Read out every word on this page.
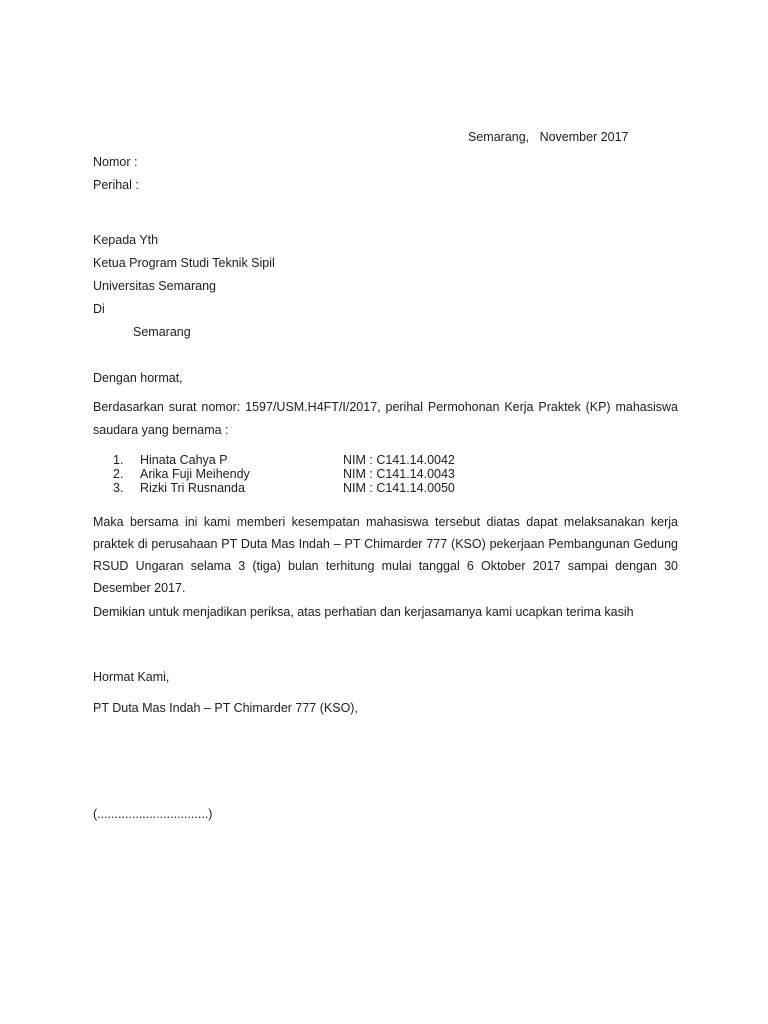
Semarang,   November 2017
Nomor :
Perihal :
Kepada Yth
Ketua Program Studi Teknik Sipil
Universitas Semarang
Di
Semarang
Dengan hormat,
Berdasarkan surat nomor: 1597/USM.H4FT/I/2017, perihal Permohonan Kerja Praktek (KP) mahasiswa saudara yang bernama :
1. Hinata Cahya P	NIM : C141.14.0042
2. Arika Fuji Meihendy	NIM : C141.14.0043
3. Rizki Tri Rusnanda	NIM : C141.14.0050
Maka bersama ini kami memberi kesempatan mahasiswa tersebut diatas dapat melaksanakan kerja praktek di perusahaan PT Duta Mas Indah – PT Chimarder 777 (KSO) pekerjaan Pembangunan Gedung RSUD Ungaran selama 3 (tiga) bulan terhitung mulai tanggal 6 Oktober 2017 sampai dengan 30 Desember 2017.
Demikian untuk menjadikan periksa, atas perhatian dan kerjasamanya kami ucapkan terima kasih
Hormat Kami,
PT Duta Mas Indah – PT Chimarder 777 (KSO),
(................................)
